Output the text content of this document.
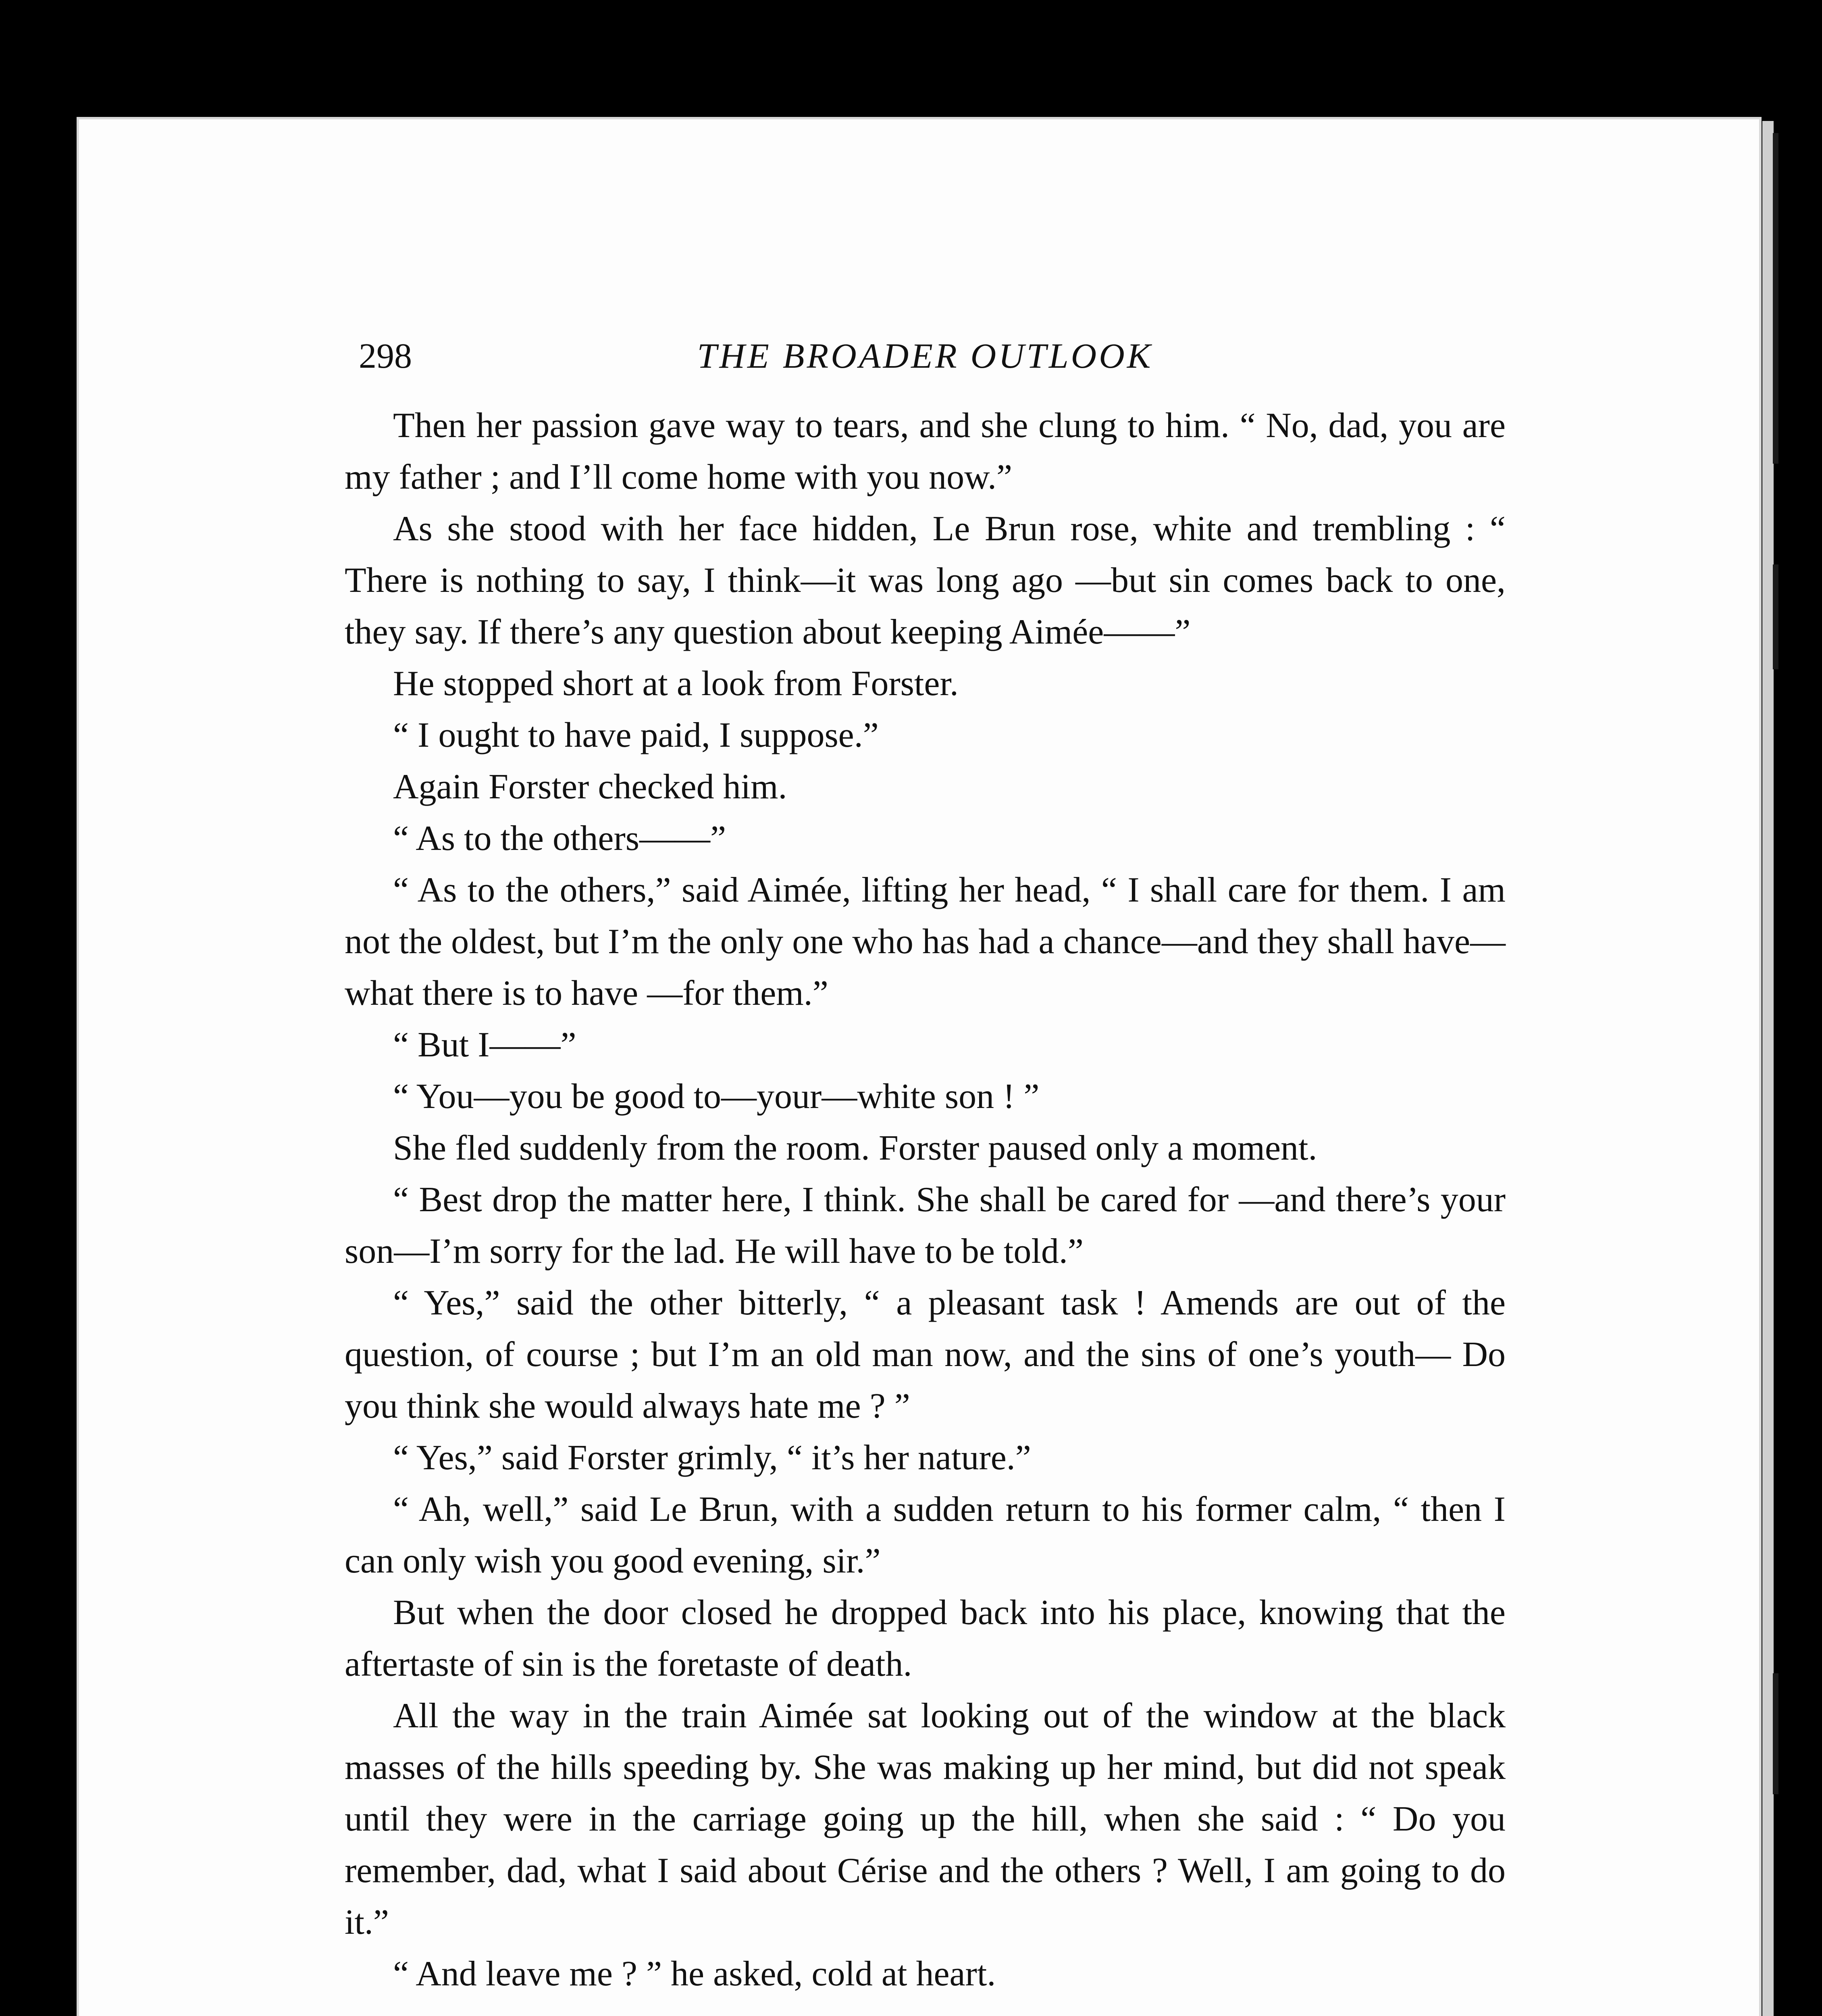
298	THE BROADER OUTLOOK

Then her passion gave way to tears, and she clung to him. “ No, dad, you are my father ; and I’ll come home with you now.”

As she stood with her face hidden, Le Brun rose, white and trembling : “ There is nothing to say, I think—it was long ago —but sin comes back to one, they say. If there’s any question about keeping Aimée——”

He stopped short at a look from Forster.

“ I ought to have paid, I suppose.”

Again Forster checked him.

“ As to the others——”

“ As to the others,” said Aimée, lifting her head, “ I shall care for them. I am not the oldest, but I’m the only one who has had a chance—and they shall have—what there is to have —for them.”

“ But I——”

“ You—you be good to—your—white son ! ”

She fled suddenly from the room. Forster paused only a moment.

“ Best drop the matter here, I think. She shall be cared for —and there’s your son—I’m sorry for the lad. He will have to be told.”

“ Yes,” said the other bitterly, “ a pleasant task ! Amends are out of the question, of course ; but I’m an old man now, and the sins of one’s youth— Do you think she would always hate me ? ”

“ Yes,” said Forster grimly, “ it’s her nature.”

“ Ah, well,” said Le Brun, with a sudden return to his former calm, “ then I can only wish you good evening, sir.”

But when the door closed he dropped back into his place, knowing that the aftertaste of sin is the foretaste of death.

All the way in the train Aimée sat looking out of the window at the black masses of the hills speeding by. She was making up her mind, but did not speak until they were in the carriage going up the hill, when she said : “ Do you remember, dad, what I said about Cérise and the others ? Well, I am going to do it.”

“ And leave me ? ” he asked, cold at heart.
